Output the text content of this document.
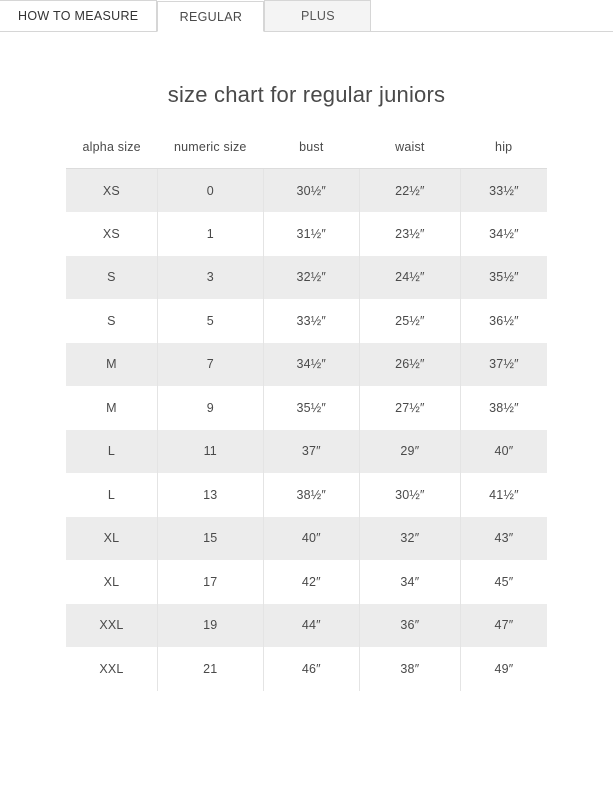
HOW TO MEASURE	REGULAR	PLUS
size chart for regular juniors
alpha size	numeric size	bust	waist	hip
XS	0	30½″	22½″	33½″
XS	1	31½″	23½″	34½″
S	3	32½″	24½″	35½″
S	5	33½″	25½″	36½″
M	7	34½″	26½″	37½″
M	9	35½″	27½″	38½″
L	11	37″	29″	40″
L	13	38½″	30½″	41½″
XL	15	40″	32″	43″
XL	17	42″	34″	45″
XXL	19	44″	36″	47″
XXL	21	46″	38″	49″
